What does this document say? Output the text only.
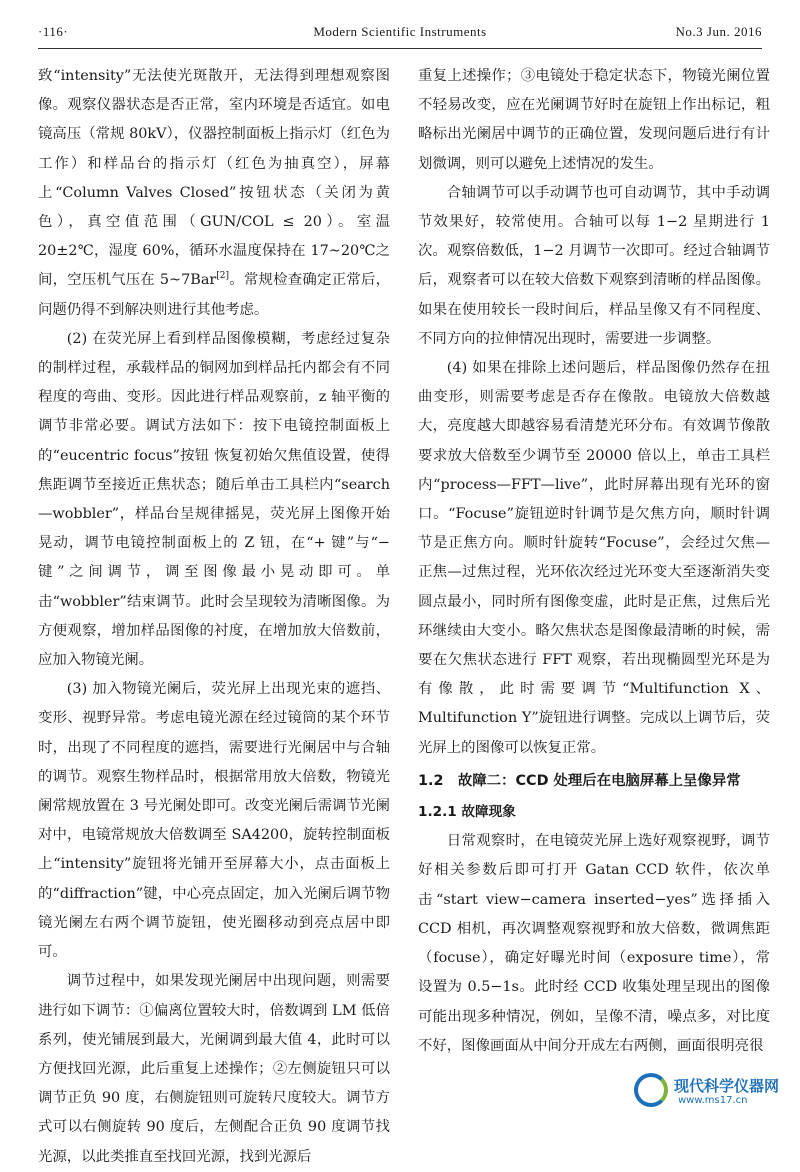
·116·	Modern Scientific Instruments	No.3 Jun. 2016

致“intensity”无法使光斑散开，无法得到理想观察图像。观察仪器状态是否正常，室内环境是否适宜。如电镜高压（常规 80kV），仪器控制面板上指示灯（红色为工作）和样品台的指示灯（红色为抽真空），屏幕上“Column Valves Closed”按钮状态（关闭为黄色），真空值范围（GUN/COL ≤ 20）。室温 20±2℃，湿度 60%，循环水温度保持在 17~20℃之间，空压机气压在 5~7Bar[2]。常规检查确定正常后，问题仍得不到解决则进行其他考虑。

(2) 在荧光屏上看到样品图像模糊，考虑经过复杂的制样过程，承载样品的铜网加到样品托内都会有不同程度的弯曲、变形。因此进行样品观察前，z 轴平衡的调节非常必要。调试方法如下：按下电镜控制面板上的“eucentric focus”按钮 恢复初始欠焦值设置，使得焦距调节至接近正焦状态；随后单击工具栏内“search—wobbler”，样品台呈规律摇晃，荧光屏上图像开始晃动，调节电镜控制面板上的 Z 钮，在“+ 键”与“− 键”之间调节，调至图像最小晃动即可。单击“wobbler”结束调节。此时会呈现较为清晰图像。为方便观察，增加样品图像的衬度，在增加放大倍数前，应加入物镜光阑。

(3) 加入物镜光阑后，荧光屏上出现光束的遮挡、变形、视野异常。考虑电镜光源在经过镜筒的某个环节时，出现了不同程度的遮挡，需要进行光阑居中与合轴的调节。观察生物样品时，根据常用放大倍数，物镜光阑常规放置在 3 号光阑处即可。改变光阑后需调节光阑对中，电镜常规放大倍数调至 SA4200，旋转控制面板上“intensity”旋钮将光铺开至屏幕大小，点击面板上的“diffraction”键，中心亮点固定，加入光阑后调节物镜光阑左右两个调节旋钮，使光圈移动到亮点居中即可。

调节过程中，如果发现光阑居中出现问题，则需要进行如下调节：①偏离位置较大时，倍数调到 LM 低倍系列，使光铺展到最大，光阑调到最大值 4，此时可以方便找回光源，此后重复上述操作；②左侧旋钮只可以调节正负 90 度，右侧旋钮则可旋转尺度较大。调节方式可以右侧旋转 90 度后，左侧配合正负 90 度调节找光源，以此类推直至找回光源，找到光源后

重复上述操作；③电镜处于稳定状态下，物镜光阑位置不轻易改变，应在光阑调节好时在旋钮上作出标记，粗略标出光阑居中调节的正确位置，发现问题后进行有计划微调，则可以避免上述情况的发生。

合轴调节可以手动调节也可自动调节，其中手动调节效果好，较常使用。合轴可以每 1−2 星期进行 1 次。观察倍数低，1−2 月调节一次即可。经过合轴调节后，观察者可以在较大倍数下观察到清晰的样品图像。如果在使用较长一段时间后，样品呈像又有不同程度、不同方向的拉伸情况出现时，需要进一步调整。

(4) 如果在排除上述问题后，样品图像仍然存在扭曲变形，则需要考虑是否存在像散。电镜放大倍数越大，亮度越大即越容易看清楚光环分布。有效调节像散要求放大倍数至少调节至 20000 倍以上，单击工具栏内“process—FFT—live”，此时屏幕出现有光环的窗口。“Focuse”旋钮逆时针调节是欠焦方向，顺时针调节是正焦方向。顺时针旋转“Focuse”，会经过欠焦—正焦—过焦过程，光环依次经过光环变大至逐渐消失变圆点最小，同时所有图像变虚，此时是正焦，过焦后光环继续由大变小。略欠焦状态是图像最清晰的时候，需要在欠焦状态进行 FFT 观察，若出现椭圆型光环是为有像散，此时需要调节“Multifunction X、Multifunction Y”旋钮进行调整。完成以上调节后，荧光屏上的图像可以恢复正常。

1.2　故障二：CCD 处理后在电脑屏幕上呈像异常

1.2.1 故障现象

日常观察时，在电镜荧光屏上选好观察视野，调节好相关参数后即可打开 Gatan CCD 软件，依次单击“start view−camera inserted−yes”选择插入 CCD 相机，再次调整观察视野和放大倍数，微调焦距（focuse），确定好曝光时间（exposure time），常设置为 0.5−1s。此时经 CCD 收集处理呈现出的图像可能出现多种情况，例如，呈像不清，噪点多，对比度不好，图像画面从中间分开成左右两侧，画面很明亮很

现代科学仪器网
www.ms17.cn
